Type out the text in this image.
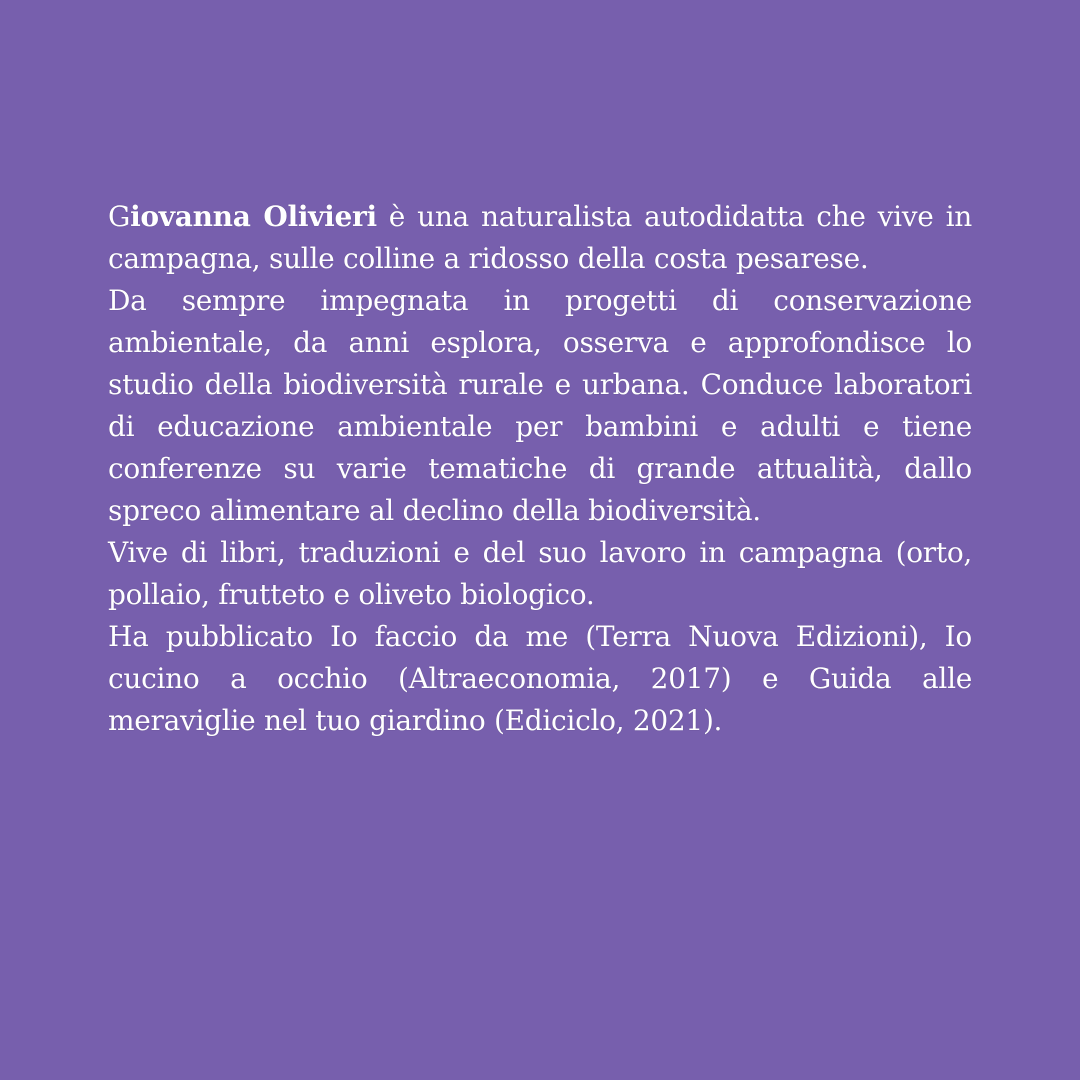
Giovanna Olivieri è una naturalista autodidatta che vive in campagna, sulle colline a ridosso della costa pesarese.

Da sempre impegnata in progetti di conservazione ambientale, da anni esplora, osserva e approfondisce lo studio della biodiversità rurale e urbana. Conduce laboratori di educazione ambientale per bambini e adulti e tiene conferenze su varie tematiche di grande attualità, dallo spreco alimentare al declino della biodiversità.

Vive di libri, traduzioni e del suo lavoro in campagna (orto, pollaio, frutteto e oliveto biologico.

Ha pubblicato Io faccio da me (Terra Nuova Edizioni), Io cucino a occhio (Altraeconomia, 2017) e Guida alle meraviglie nel tuo giardino (Ediciclo, 2021).
